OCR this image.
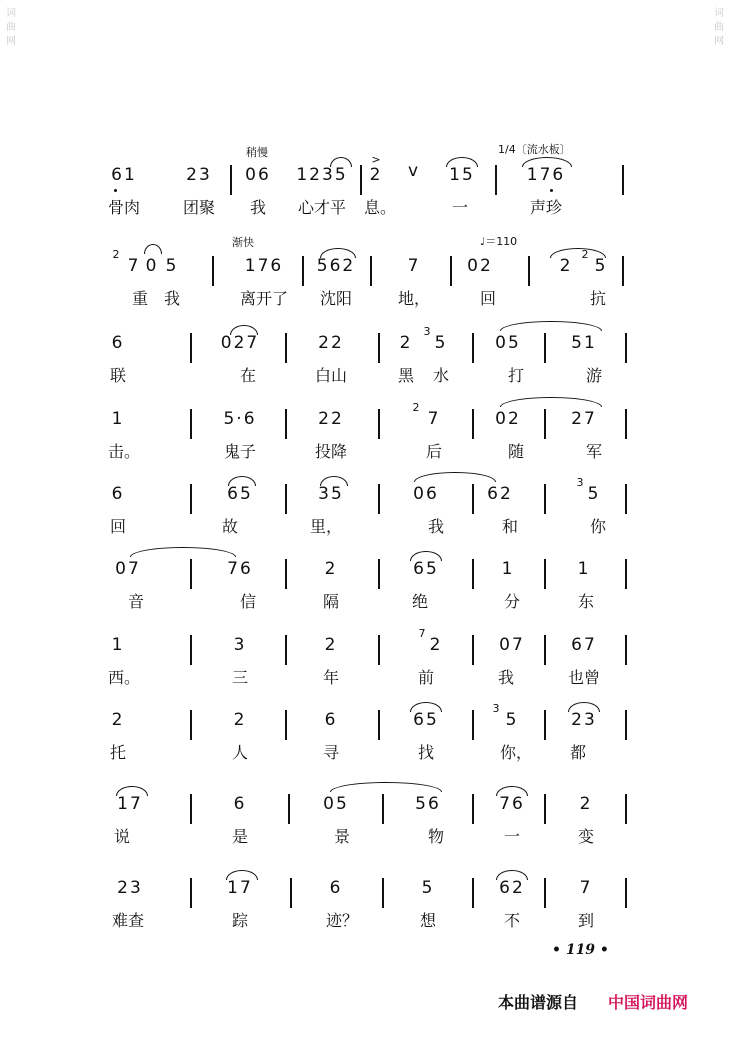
词
曲
网
词
曲
网
稍慢	1/4〔流水板〕
渐快	♩＝110
61	23 06 1235 2
>
v 15	176
骨肉	团聚 我 心才平 息。	一	声珍
2
7 0 5	176 562	7	02	2
2
5
重 我	离开了 沈阳	地，	回	抗
6	027	22	2
3
5	05	51
联	在	白山	黑 水	打	游
1	5·6	22
2
7	02	27
击。	鬼子	投降	后	随	军
6	65	35	06	62
3
5
回	故	里，	我	和	你
07	76	2	65	1	1
音	信	隔	绝	分	东
1	3	2
7
2	07	67
西。	三	年	前	我	也曾
2	2	6	65
3
5	23
托	人	寻	找	你， 都
17	6	05	56	76	2
说	是	景	物	一	变
23	17	6	5	62	7
难查	踪	迹？	想	不	到
• 119 •
本曲谱源自 中国词曲网
